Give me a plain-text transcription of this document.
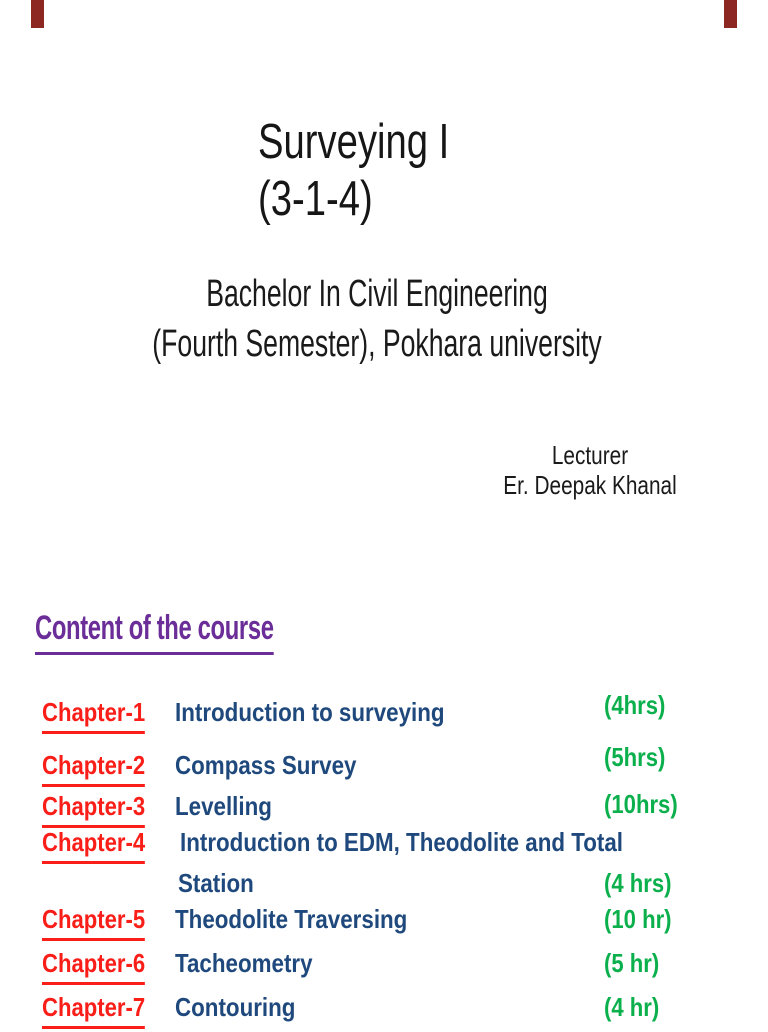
Surveying I
(3-1-4)
Bachelor In Civil Engineering
(Fourth Semester), Pokhara university
Lecturer
Er. Deepak Khanal
Content of the course
Chapter-1 Introduction to surveying	(4hrs)
Chapter-2 Compass Survey	(5hrs)
Chapter-3 Levelling	(10hrs)
Chapter-4 Introduction to EDM, Theodolite and Total
Station	(4 hrs)
Chapter-5 Theodolite Traversing	(10 hr)
Chapter-6 Tacheometry	(5 hr)
Chapter-7 Contouring	(4 hr)
